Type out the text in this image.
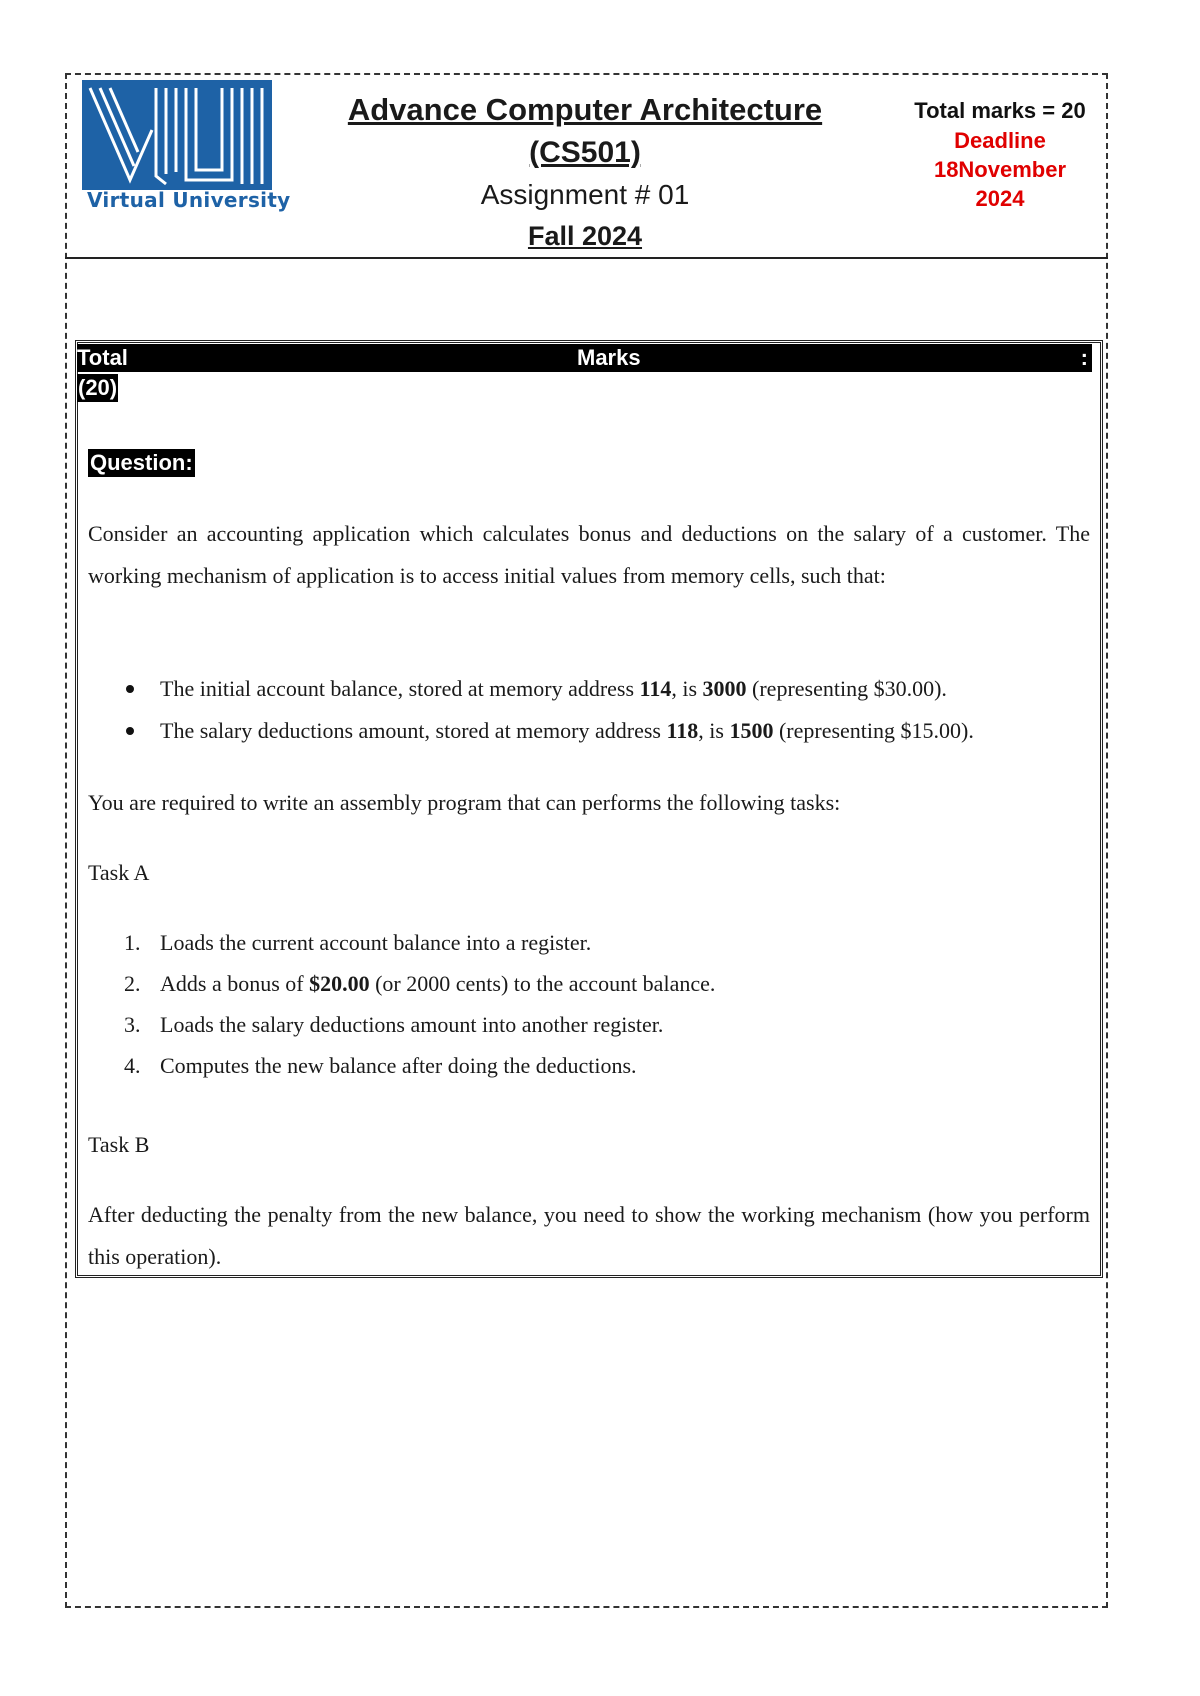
Virtual University

Advance Computer Architecture

(CS501)

Assignment # 01

Fall 2024

Total marks = 20
Deadline
18November
2024
Total	Marks	:
(20)
Question:

Consider an accounting application which calculates bonus and deductions on the salary of a customer. The working mechanism of application is to access initial values from memory cells, such that:

The initial account balance, stored at memory address 114, is 3000 (representing $30.00).
The salary deductions amount, stored at memory address 118, is 1500 (representing $15.00).

You are required to write an assembly program that can performs the following tasks:

Task A

1. Loads the current account balance into a register.
2. Adds a bonus of $20.00 (or 2000 cents) to the account balance.
3. Loads the salary deductions amount into another register.
4. Computes the new balance after doing the deductions.

Task B

After deducting the penalty from the new balance, you need to show the working mechanism (how you perform this operation).
